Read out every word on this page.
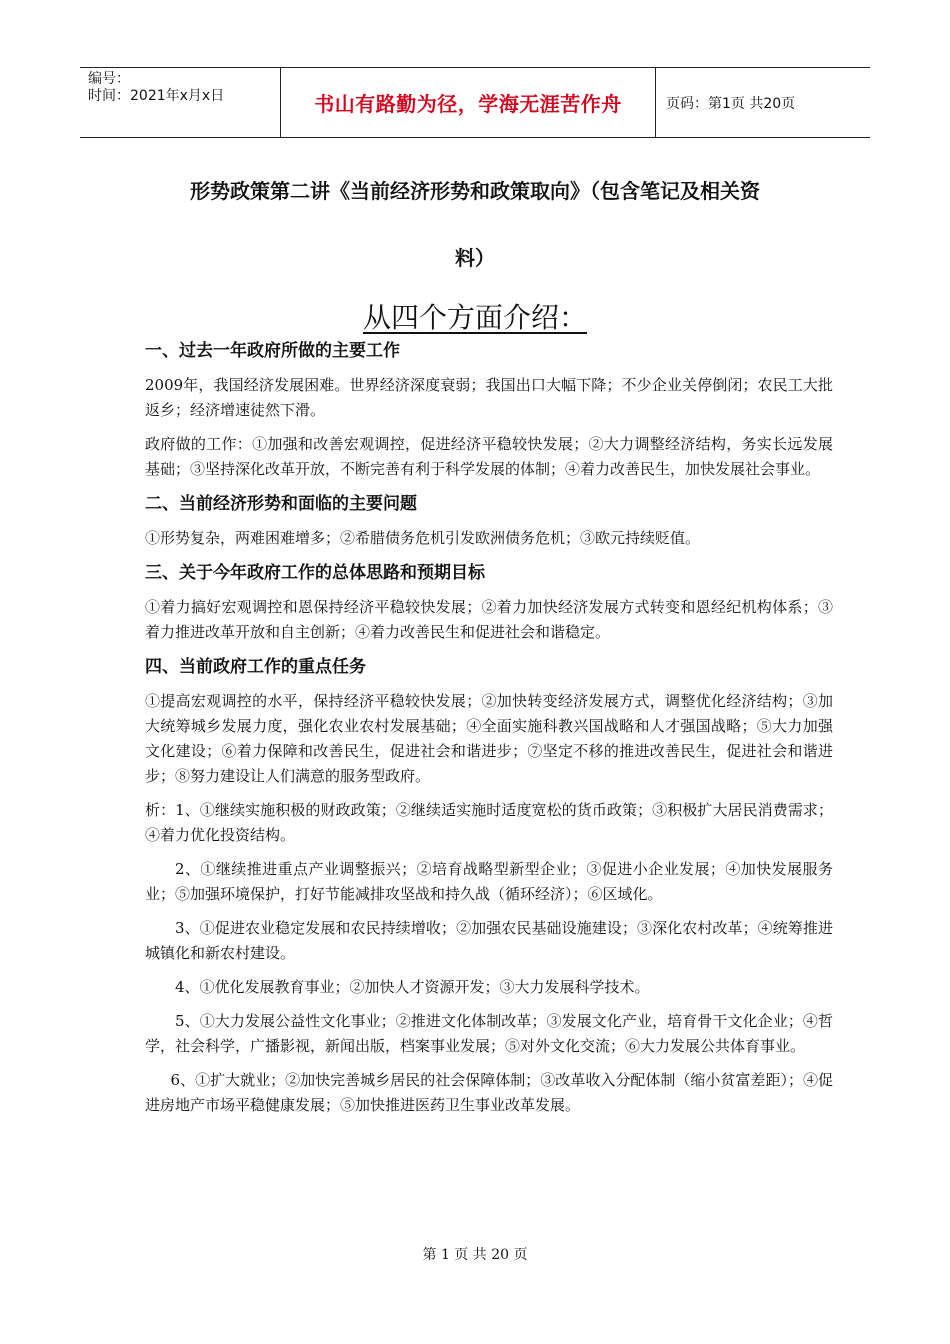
编号：
时间：2021年x月x日	书山有路勤为径，学海无涯苦作舟	页码：第1页 共20页
形势政策第二讲《当前经济形势和政策取向》（包含笔记及相关资
料）
从四个方面介绍：
一、过去一年政府所做的主要工作

2009年，我国经济发展困难。世界经济深度衰弱；我国出口大幅下降；不少企业关停倒闭；农民工大批返乡；经济增速徒然下滑。

政府做的工作：①加强和改善宏观调控，促进经济平稳较快发展；②大力调整经济结构，务实长远发展基础；③坚持深化改革开放，不断完善有利于科学发展的体制；④着力改善民生，加快发展社会事业。

二、当前经济形势和面临的主要问题

①形势复杂，两难困难增多；②希腊债务危机引发欧洲债务危机；③欧元持续贬值。

三、关于今年政府工作的总体思路和预期目标

①着力搞好宏观调控和恩保持经济平稳较快发展；②着力加快经济发展方式转变和恩经纪机构体系；③着力推进改革开放和自主创新；④着力改善民生和促进社会和谐稳定。

四、当前政府工作的重点任务

①提高宏观调控的水平，保持经济平稳较快发展；②加快转变经济发展方式，调整优化经济结构；③加大统筹城乡发展力度，强化农业农村发展基础；④全面实施科教兴国战略和人才强国战略；⑤大力加强文化建设；⑥着力保障和改善民生，促进社会和谐进步；⑦坚定不移的推进改善民生，促进社会和谐进步；⑧努力建设让人们满意的服务型政府。

析：1、①继续实施积极的财政政策；②继续适实施时适度宽松的货币政策；③积极扩大居民消费需求；④着力优化投资结构。

2、①继续推进重点产业调整振兴；②培育战略型新型企业；③促进小企业发展；④加快发展服务业；⑤加强环境保护，打好节能减排攻坚战和持久战（循环经济）；⑥区域化。

3、①促进农业稳定发展和农民持续增收；②加强农民基础设施建设；③深化农村改革；④统筹推进城镇化和新农村建设。

4、①优化发展教育事业；②加快人才资源开发；③大力发展科学技术。

5、①大力发展公益性文化事业；②推进文化体制改革；③发展文化产业，培育骨干文化企业；④哲学，社会科学，广播影视，新闻出版，档案事业发展；⑤对外文化交流；⑥大力发展公共体育事业。

6、①扩大就业；②加快完善城乡居民的社会保障体制；③改革收入分配体制（缩小贫富差距）；④促进房地产市场平稳健康发展；⑤加快推进医药卫生事业改革发展。

第 1 页 共 20 页
